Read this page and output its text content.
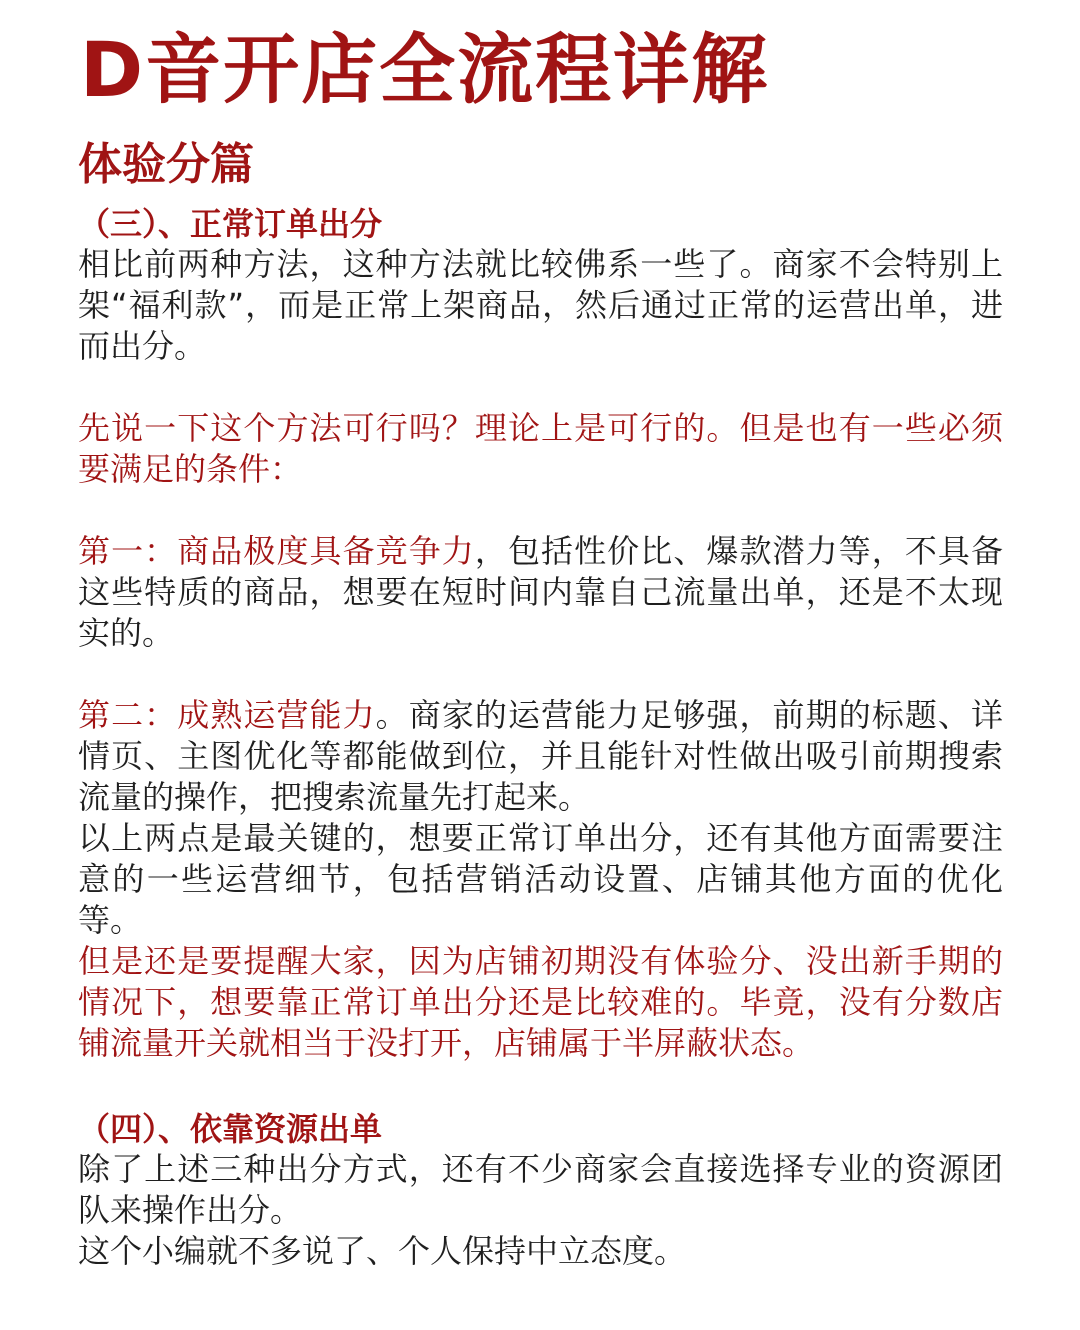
D音开店全流程详解
体验分篇
（三）、正常订单出分

相比前两种方法，这种方法就比较佛系一些了。商家不会特别上架“福利款”，而是正常上架商品，然后通过正常的运营出单，进而出分。

先说一下这个方法可行吗？理论上是可行的。但是也有一些必须要满足的条件：

第一：商品极度具备竞争力，包括性价比、爆款潜力等，不具备这些特质的商品，想要在短时间内靠自己流量出单，还是不太现实的。

第二：成熟运营能力。商家的运营能力足够强，前期的标题、详情页、主图优化等都能做到位，并且能针对性做出吸引前期搜索流量的操作，把搜索流量先打起来。

以上两点是最关键的，想要正常订单出分，还有其他方面需要注意的一些运营细节，包括营销活动设置、店铺其他方面的优化等。

但是还是要提醒大家，因为店铺初期没有体验分、没出新手期的情况下，想要靠正常订单出分还是比较难的。毕竟，没有分数店铺流量开关就相当于没打开，店铺属于半屏蔽状态。

（四）、依靠资源出单

除了上述三种出分方式，还有不少商家会直接选择专业的资源团队来操作出分。

这个小编就不多说了、个人保持中立态度。
